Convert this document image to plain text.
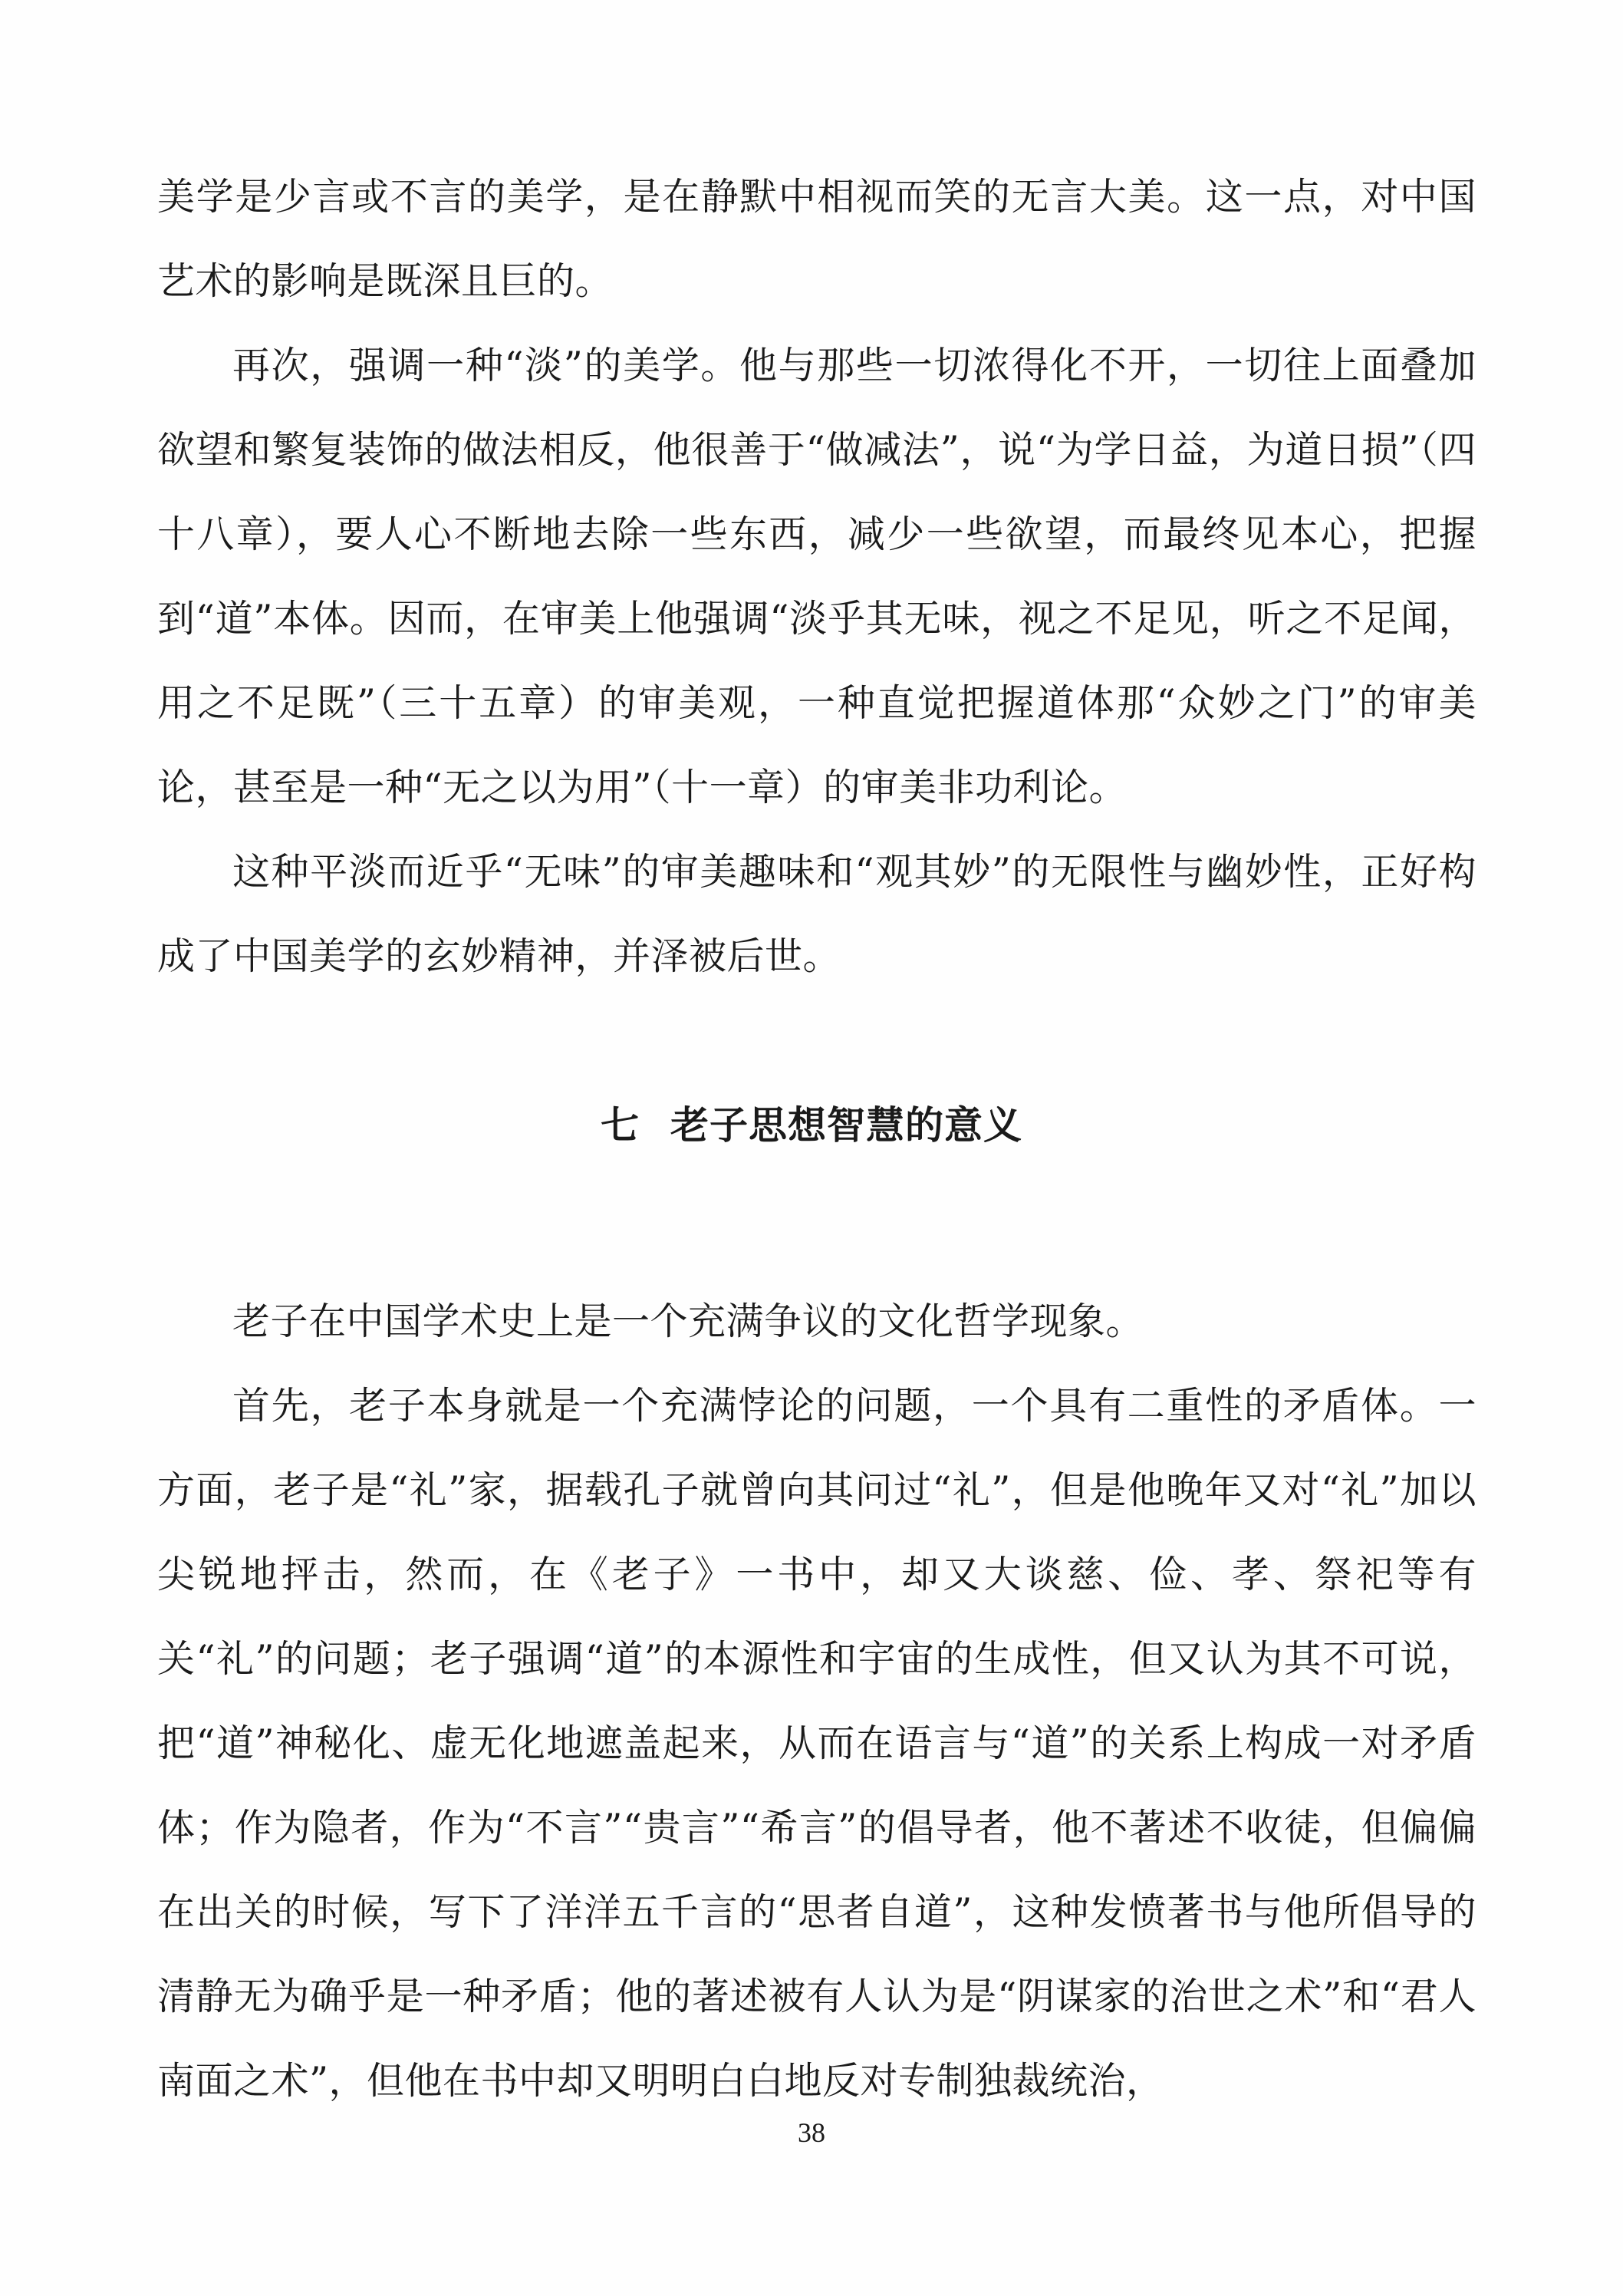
美学是少言或不言的美学，是在静默中相视而笑的无言大美。这一点，对中国艺术的影响是既深且巨的。

再次，强调一种“淡”的美学。他与那些一切浓得化不开，一切往上面叠加欲望和繁复装饰的做法相反，他很善于“做减法”，说“为学日益，为道日损”（四十八章），要人心不断地去除一些东西，减少一些欲望，而最终见本心，把握到“道”本体。因而，在审美上他强调“淡乎其无味，视之不足见，听之不足闻，用之不足既”（三十五章）的审美观，一种直觉把握道体那“众妙之门”的审美论，甚至是一种“无之以为用”（十一章）的审美非功利论。

这种平淡而近乎“无味”的审美趣味和“观其妙”的无限性与幽妙性，正好构成了中国美学的玄妙精神，并泽被后世。

七 老子思想智慧的意义

老子在中国学术史上是一个充满争议的文化哲学现象。

首先，老子本身就是一个充满悖论的问题，一个具有二重性的矛盾体。一方面，老子是“礼”家，据载孔子就曾向其问过“礼”，但是他晚年又对“礼”加以尖锐地抨击，然而，在《老子》一书中，却又大谈慈、俭、孝、祭祀等有关“礼”的问题；老子强调“道”的本源性和宇宙的生成性，但又认为其不可说，把“道”神秘化、虚无化地遮盖起来，从而在语言与“道”的关系上构成一对矛盾体；作为隐者，作为“不言”“贵言”“希言”的倡导者，他不著述不收徒，但偏偏在出关的时候，写下了洋洋五千言的“思者自道”，这种发愤著书与他所倡导的清静无为确乎是一种矛盾；他的著述被有人认为是“阴谋家的治世之术”和“君人南面之术”，但他在书中却又明明白白地反对专制独裁统治，

38
